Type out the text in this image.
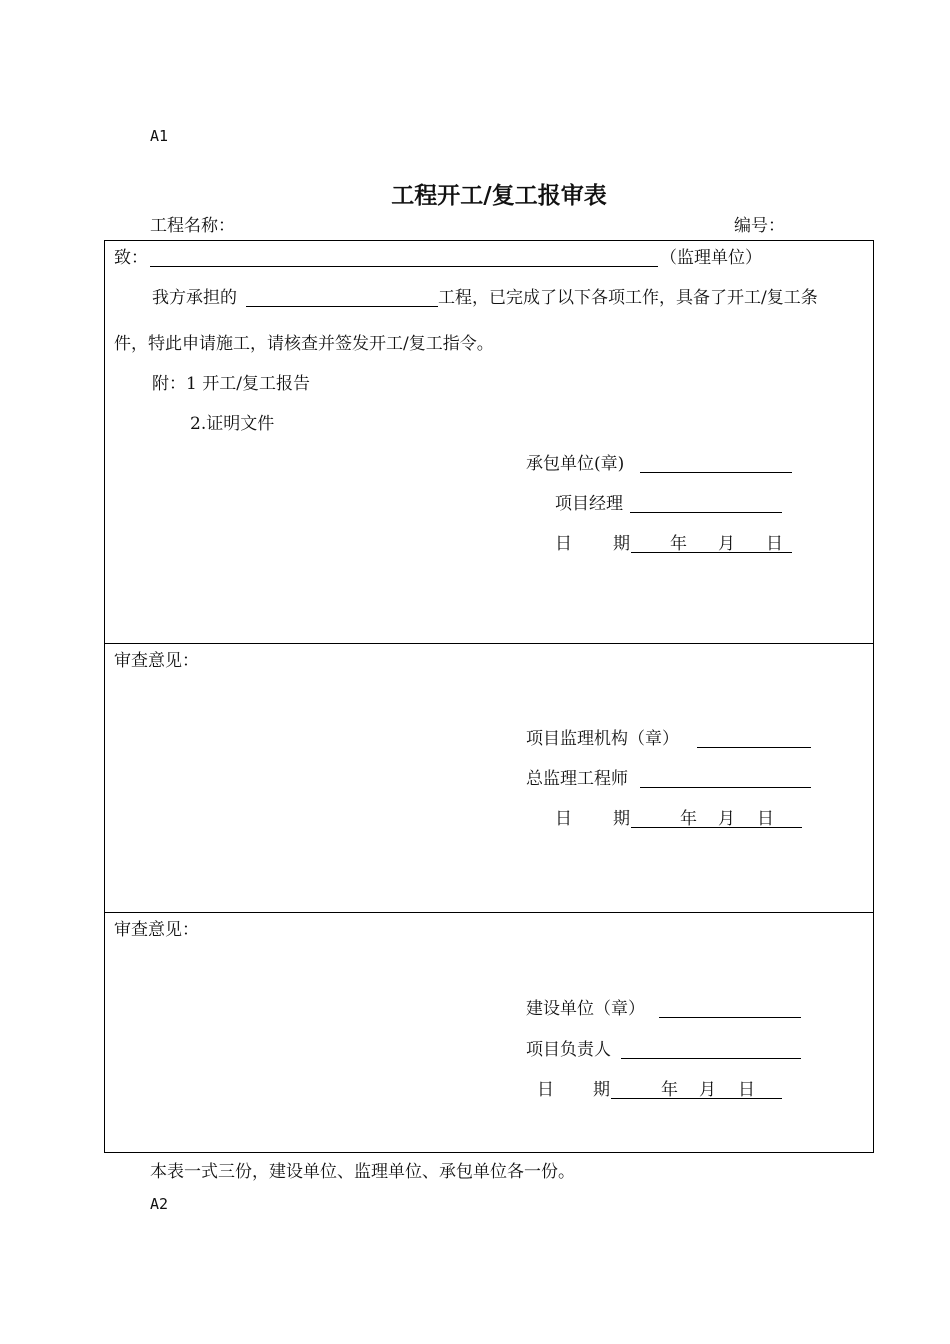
A1
工程开工/复工报审表
工程名称：	编号：
致：	（监理单位）
我方承担的	工程，已完成了以下各项工作，具备了开工/复工条
件，特此申请施工，请核查并签发开工/复工指令。
附：1 开工/复工报告
2.证明文件
承包单位(章)
项目经理
日 期 年 月 日
审查意见：
项目监理机构（章）
总监理工程师
日 期	年 月 日
审查意见：
建设单位（章）
项目负责人
日 期	年 月 日
本表一式三份，建设单位、监理单位、承包单位各一份。
A2
